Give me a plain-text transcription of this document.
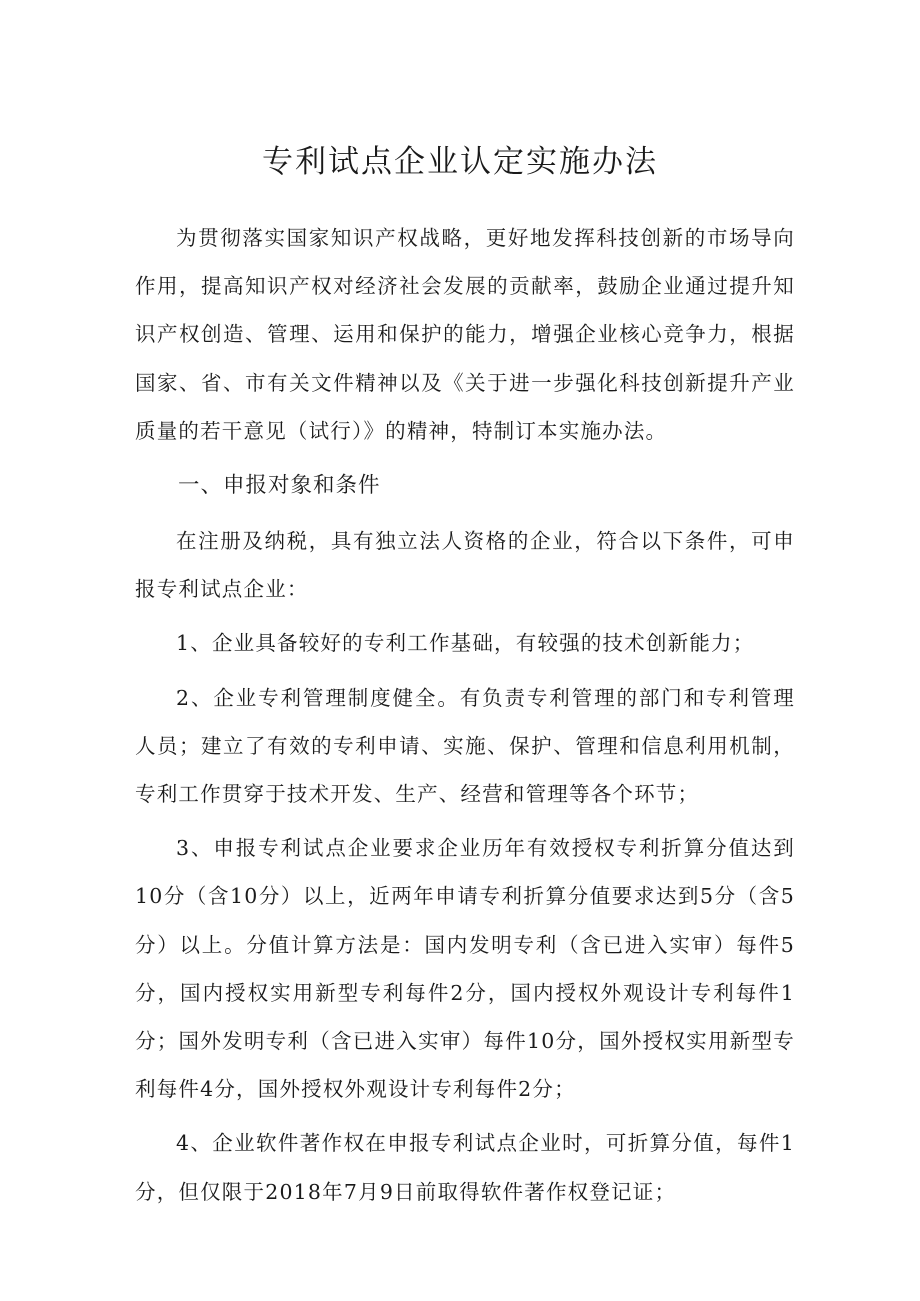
专利试点企业认定实施办法

为贯彻落实国家知识产权战略，更好地发挥科技创新的市场导向作用，提高知识产权对经济社会发展的贡献率，鼓励企业通过提升知识产权创造、管理、运用和保护的能力，增强企业核心竞争力，根据国家、省、市有关文件精神以及《关于进一步强化科技创新提升产业质量的若干意见（试行）》的精神，特制订本实施办法。

一、申报对象和条件

在注册及纳税，具有独立法人资格的企业，符合以下条件，可申报专利试点企业：

1、企业具备较好的专利工作基础，有较强的技术创新能力；

2、企业专利管理制度健全。有负责专利管理的部门和专利管理人员；建立了有效的专利申请、实施、保护、管理和信息利用机制，专利工作贯穿于技术开发、生产、经营和管理等各个环节；

3、申报专利试点企业要求企业历年有效授权专利折算分值达到10分（含10分）以上，近两年申请专利折算分值要求达到5分（含5分）以上。分值计算方法是：国内发明专利（含已进入实审）每件5分，国内授权实用新型专利每件2分，国内授权外观设计专利每件1分；国外发明专利（含已进入实审）每件10分，国外授权实用新型专利每件4分，国外授权外观设计专利每件2分；

4、企业软件著作权在申报专利试点企业时，可折算分值，每件1分，但仅限于2018年7月9日前取得软件著作权登记证；
